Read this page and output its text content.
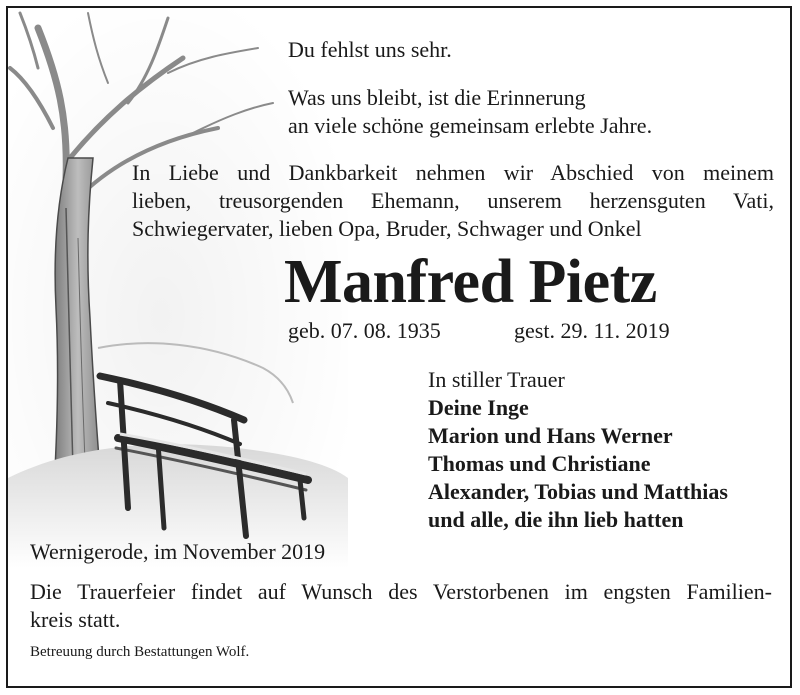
Du fehlst uns sehr.
Was uns bleibt, ist die Erinnerung
an viele schöne gemeinsam erlebte Jahre.
In Liebe und Dankbarkeit nehmen wir Abschied von meinem
lieben, treusorgenden Ehemann, unserem herzensguten Vati,
Schwiegervater, lieben Opa, Bruder, Schwager und Onkel
Manfred Pietz
geb. 07. 08. 1935	gest. 29. 11. 2019
In stiller Trauer
Deine Inge
Marion und Hans Werner
Thomas und Christiane
Alexander, Tobias und Matthias
und alle, die ihn lieb hatten
Wernigerode, im November 2019
Die Trauerfeier findet auf Wunsch des Verstorbenen im engsten Familien-
kreis statt.
Betreuung durch Bestattungen Wolf.
